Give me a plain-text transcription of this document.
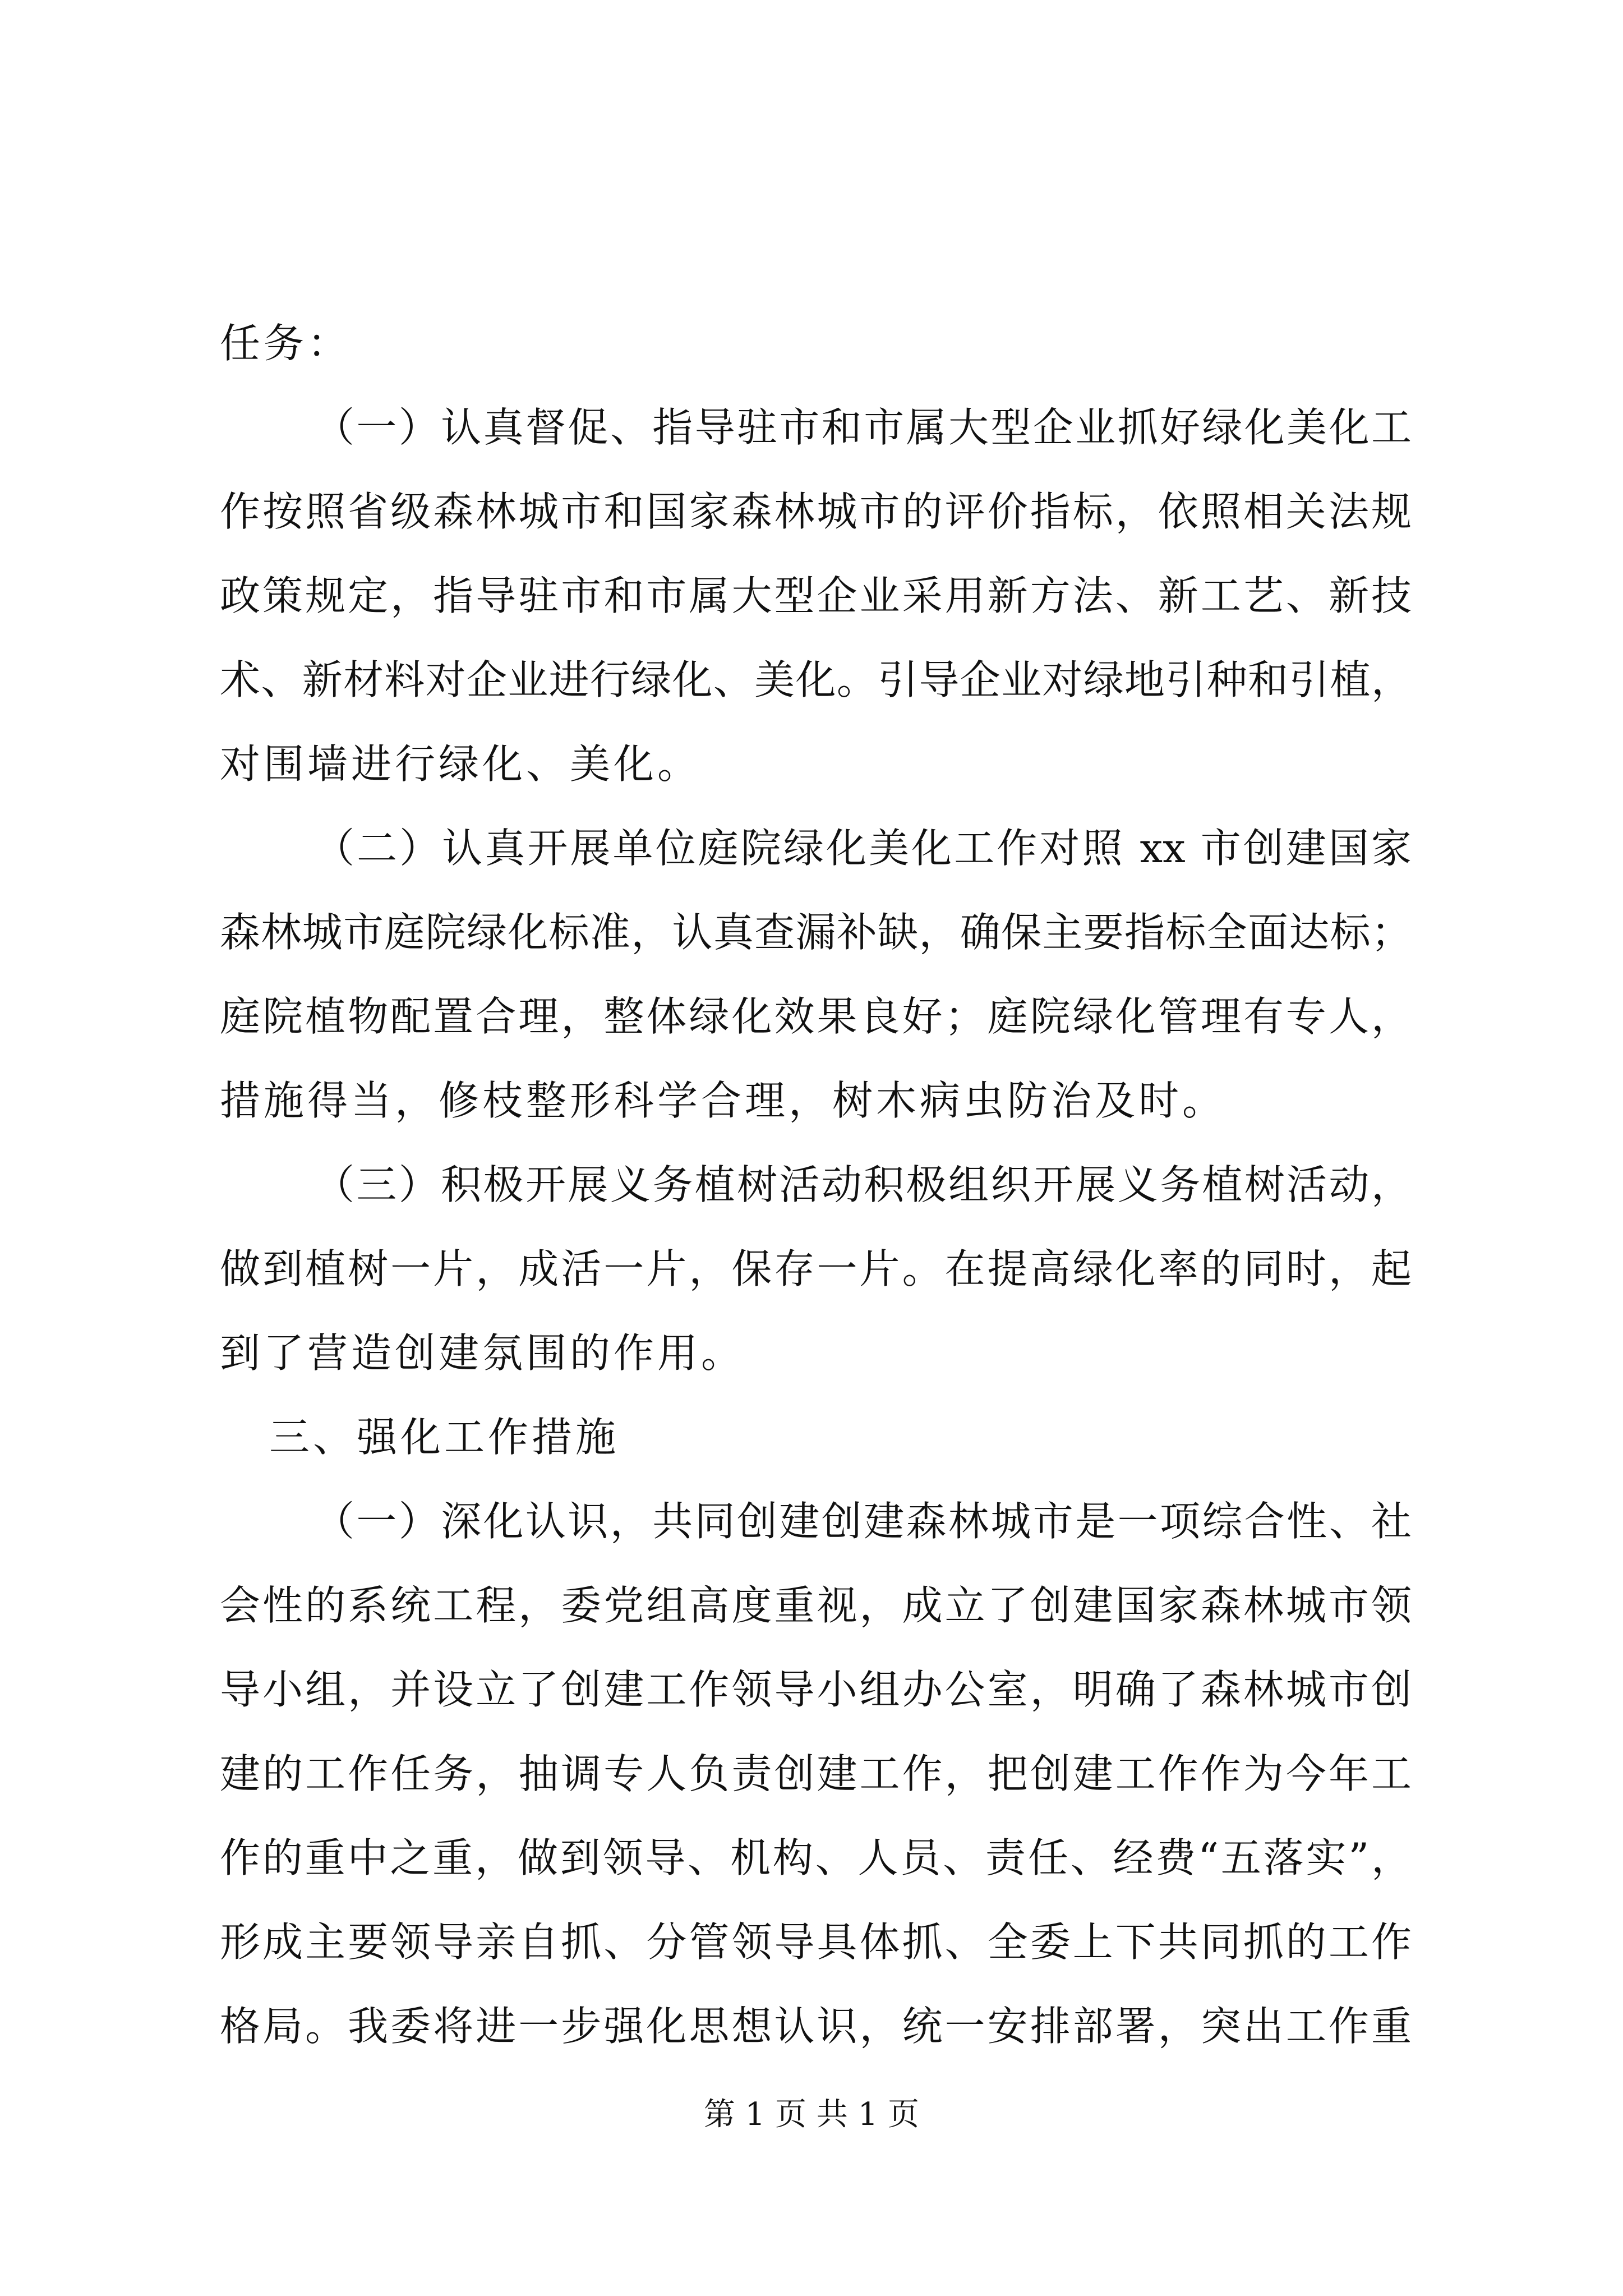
任务：
（一）认真督促、指导驻市和市属大型企业抓好绿化美化工
作按照省级森林城市和国家森林城市的评价指标，依照相关法规
政策规定，指导驻市和市属大型企业采用新方法、新工艺、新技
术、新材料对企业进行绿化、美化。引导企业对绿地引种和引植，
对围墙进行绿化、美化。
（二）认真开展单位庭院绿化美化工作对照 xx 市创建国家
森林城市庭院绿化标准，认真查漏补缺，确保主要指标全面达标；
庭院植物配置合理，整体绿化效果良好；庭院绿化管理有专人，
措施得当，修枝整形科学合理，树木病虫防治及时。
（三）积极开展义务植树活动积极组织开展义务植树活动，
做到植树一片，成活一片，保存一片。在提高绿化率的同时，起
到了营造创建氛围的作用。
三、强化工作措施
（一）深化认识，共同创建创建森林城市是一项综合性、社
会性的系统工程，委党组高度重视，成立了创建国家森林城市领
导小组，并设立了创建工作领导小组办公室，明确了森林城市创
建的工作任务，抽调专人负责创建工作，把创建工作作为今年工
作的重中之重，做到领导、机构、人员、责任、经费“五落实”，
形成主要领导亲自抓、分管领导具体抓、全委上下共同抓的工作
格局。我委将进一步强化思想认识，统一安排部署，突出工作重
第 1 页 共 1 页
